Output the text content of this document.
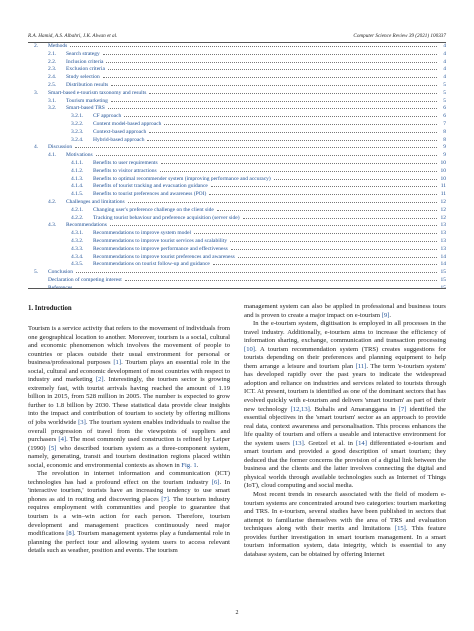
R.A. Hamid, A.S. Albahri, J.K. Alwan et al.	Computer Science Review 39 (2021) 100337
2.	Methods	4
2.1.	Search strategy	4
2.2.	Inclusion criteria	4
2.3.	Exclusion criteria	4
2.4.	Study selection	4
2.5.	Distribution results	5
3.	Smart-based e-tourism taxonomy and results	5
3.1.	Tourism marketing	5
3.2.	Smart-based TRS	6
3.2.1.	CF approach	6
3.2.2.	Content model-based approach	7
3.2.3.	Context-based approach	8
3.2.4.	Hybrid-based approach	8
4.	Discussion	9
4.1.	Motivations	9
4.1.1.	Benefits to user requirements	10
4.1.2.	Benefits to visitor attractions	10
4.1.3.	Benefits to optimal recommender system (improving performance and accuracy)	10
4.1.4.	Benefits of tourist tracking and evacuation guidance	11
4.1.5.	Benefits to tourist preferences and awareness (POI)	11
4.2.	Challenges and limitations	12
4.2.1.	Changing user's preference challenge on the client side	12
4.2.2.	Tracking tourist behaviour and preference acquisition (server side)	12
4.3.	Recommendations	13
4.3.1.	Recommendations to improve system model	13
4.3.2.	Recommendations to improve tourist services and scalability	13
4.3.3.	Recommendations to improve performance and effectiveness	13
4.3.4.	Recommendations to improve tourist preferences and awareness	14
4.3.5.	Recommendations on tourist follow-up and guidance	14
5.	Conclusion	15
Declaration of competing interest	15
References	15
1. Introduction

Tourism is a service activity that refers to the movement of individuals from one geographical location to another. Moreover, tourism is a social, cultural and economic phenomenon which involves the movement of people to countries or places outside their usual environment for personal or business/professional purposes [1]. Tourism plays an essential role in the social, cultural and economic development of most countries with respect to industry and marketing [2]. Interestingly, the tourism sector is growing extremely fast, with tourist arrivals having reached the amount of 1.19 billion in 2015, from 528 million in 2005. The number is expected to grow further to 1.8 billion by 2030. These statistical data provide clear insights into the impact and contribution of tourism to society by offering millions of jobs worldwide [3]. The tourism system enables individuals to realise the overall progression of travel from the viewpoints of suppliers and purchasers [4]. The most commonly used construction is refined by Leiper (1990) [5] who described tourism system as a three-component system, namely, generating, transit and tourism destination regions placed within social, economic and environmental contexts as shown in Fig. 1.

The revolution in internet information and communication (ICT) technologies has had a profound effect on the tourism industry [6]. In 'interactive tourism,' tourists have an increasing tendency to use smart phones as aid in routing and discovering places [7]. The tourism industry requires employment with communities and people to guarantee that tourism is a win–win action for each person. Therefore, tourism development and management practices continuously need major modifications [8]. Tourism management systems play a fundamental role in planning the perfect tour and allowing system users to access relevant details such as weather, position and events. The tourism

management system can also be applied in professional and business tours and is proven to create a major impact on e-tourism [9].

In the e-tourism system, digitisation is employed in all processes in the travel industry. Additionally, e-tourism aims to increase the efficiency of information sharing, exchange, communication and transaction processing [10]. A tourism recommendation system (TRS) creates suggestions for tourists depending on their preferences and planning equipment to help them arrange a leisure and tourism plan [11]. The term 'e-tourism system' has developed rapidly over the past years to indicate the widespread adoption and reliance on industries and services related to tourists through ICT. At present, tourism is identified as one of the dominant sectors that has evolved quickly with e-tourism and delivers 'smart tourism' as part of their new technology [12,13]. Buhalis and Amaranggana in [7] identified the essential objectives in the 'smart tourism' sector as an approach to provide real data, context awareness and personalisation. This process enhances the life quality of tourism and offers a useable and interactive environment for the system users [13]. Gretzel et al. in [14] differentiated e-tourism and smart tourism and provided a good description of smart tourism; they deduced that the former concerns the provision of a digital link between the business and the clients and the latter involves connecting the digital and physical worlds through available technologies such as Internet of Things (IoT), cloud computing and social media.

Most recent trends in research associated with the field of modern e-tourism systems are concentrated around two categories: tourism marketing and TRS. In e-tourism, several studies have been published in sectors that attempt to familiarise themselves with the area of TRS and evaluation techniques along with their merits and limitations [15]. This feature provides further investigation in smart tourism management. In a smart tourism information system, data integrity, which is essential to any database system, can be obtained by offering Internet

2
